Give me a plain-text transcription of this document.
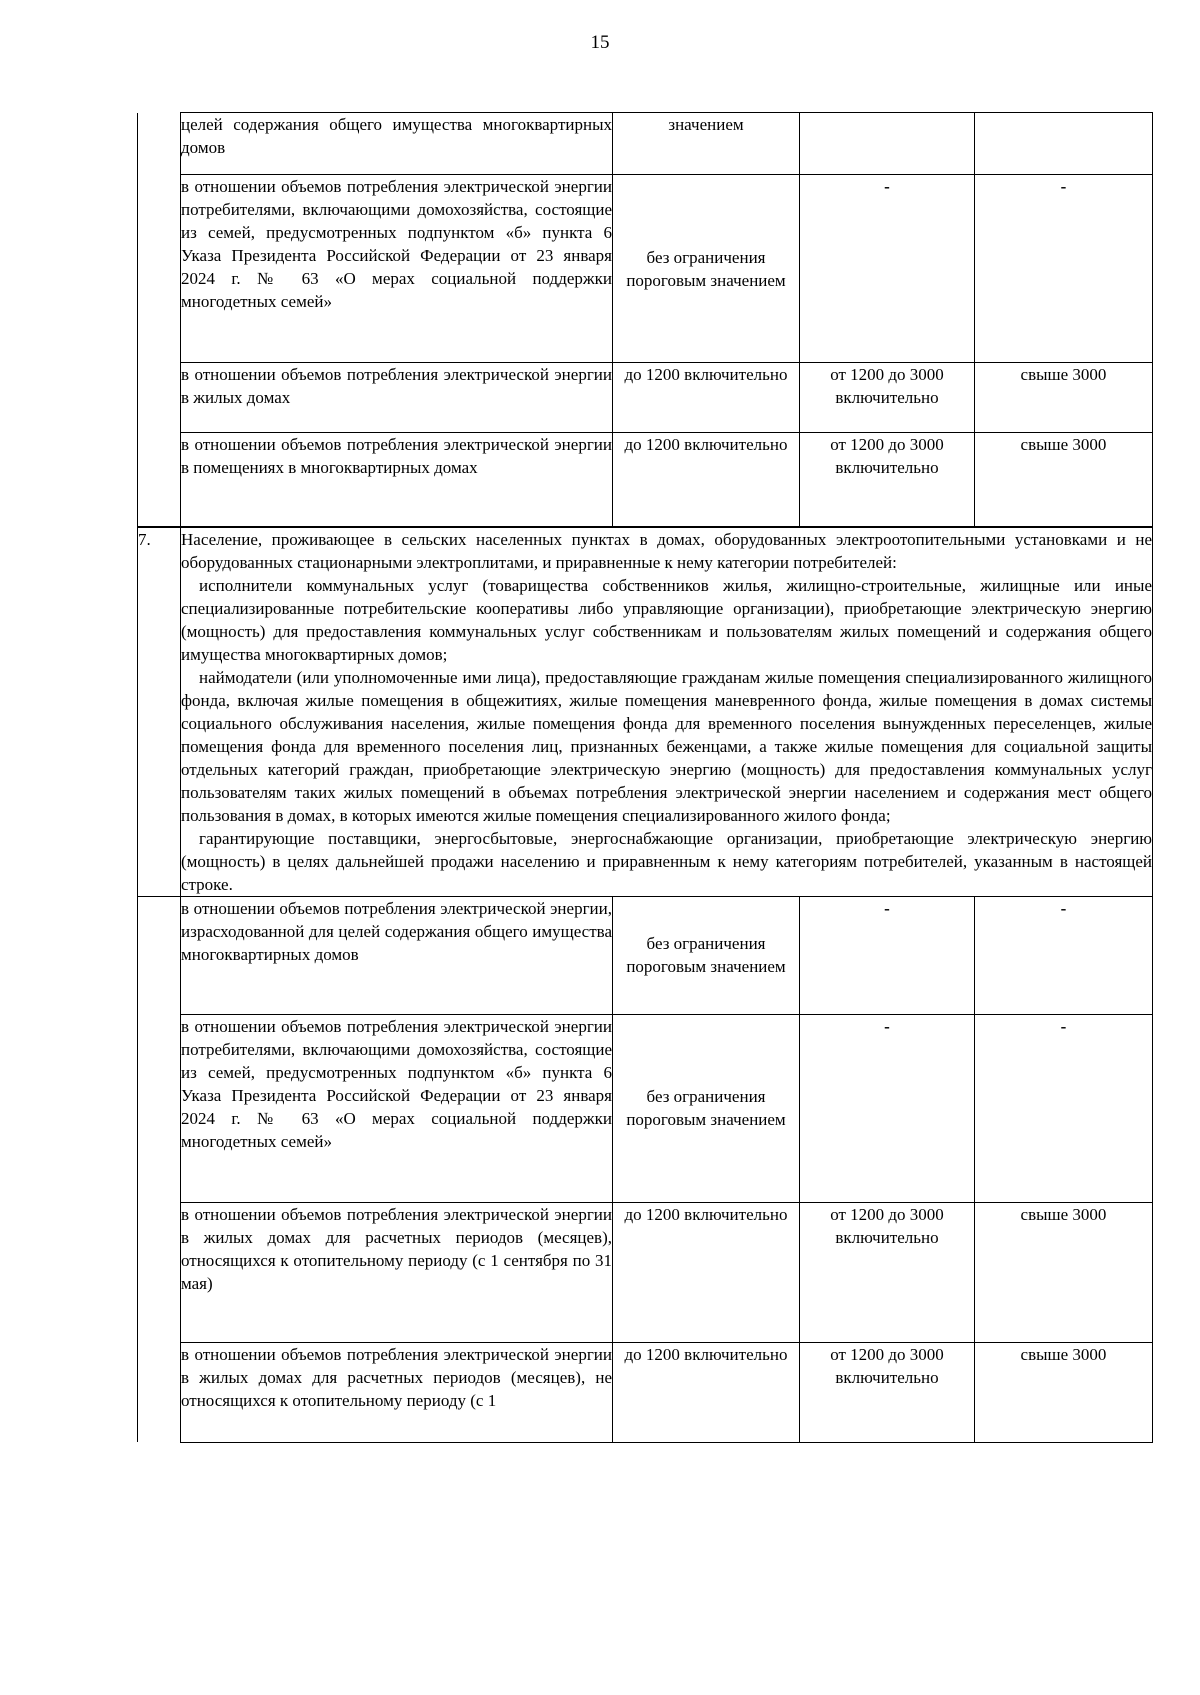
15

	целей содержания общего имущества многоквартирных домов	значением		

	в отношении объемов потребления электрической энергии потребителями, включающими домохозяйства, состоящие из семей, предусмотренных подпунктом «б» пункта 6 Указа Президента Российской Федерации от 23 января 2024 г. № 63 «О мерах социальной поддержки многодетных семей»	без ограничения пороговым значением	-	-

	в отношении объемов потребления электрической энергии в жилых домах	до 1200 включительно	от 1200 до 3000 включительно	свыше 3000

	в отношении объемов потребления электрической энергии в помещениях в многоквартирных домах	до 1200 включительно	от 1200 до 3000 включительно	свыше 3000
7.	Население, проживающее в сельских населенных пунктах в домах, оборудованных электроотопительными установками и не оборудованных стационарными электроплитами, и приравненные к нему категории потребителей:

исполнители коммунальных услуг (товарищества собственников жилья, жилищно-строительные, жилищные или иные специализированные потребительские кооперативы либо управляющие организации), приобретающие электрическую энергию (мощность) для предоставления коммунальных услуг собственникам и пользователям жилых помещений и содержания общего имущества многоквартирных домов;

наймодатели (или уполномоченные ими лица), предоставляющие гражданам жилые помещения специализированного жилищного фонда, включая жилые помещения в общежитиях, жилые помещения маневренного фонда, жилые помещения в домах системы социального обслуживания населения, жилые помещения фонда для временного поселения вынужденных переселенцев, жилые помещения фонда для временного поселения лиц, признанных беженцами, а также жилые помещения для социальной защиты отдельных категорий граждан, приобретающие электрическую энергию (мощность) для предоставления коммунальных услуг пользователям таких жилых помещений в объемах потребления электрической энергии населением и содержания мест общего пользования в домах, в которых имеются жилые помещения специализированного жилого фонда;

гарантирующие поставщики, энергосбытовые, энергоснабжающие организации, приобретающие электрическую энергию (мощность) в целях дальнейшей продажи населению и приравненным к нему категориям потребителей, указанным в настоящей строке.			

	в отношении объемов потребления электрической энергии, израсходованной для целей содержания общего имущества многоквартирных домов	без ограничения пороговым значением	-	-

	в отношении объемов потребления электрической энергии потребителями, включающими домохозяйства, состоящие из семей, предусмотренных подпунктом «б» пункта 6 Указа Президента Российской Федерации от 23 января 2024 г. № 63 «О мерах социальной поддержки многодетных семей»	без ограничения пороговым значением	-	-

	в отношении объемов потребления электрической энергии в жилых домах для расчетных периодов (месяцев), относящихся к отопительному периоду (с 1 сентября по 31 мая)	до 1200 включительно	от 1200 до 3000 включительно	свыше 3000

	в отношении объемов потребления электрической энергии в жилых домах для расчетных периодов (месяцев), не относящихся к отопительному периоду (с 1	до 1200 включительно	от 1200 до 3000 включительно	свыше 3000
